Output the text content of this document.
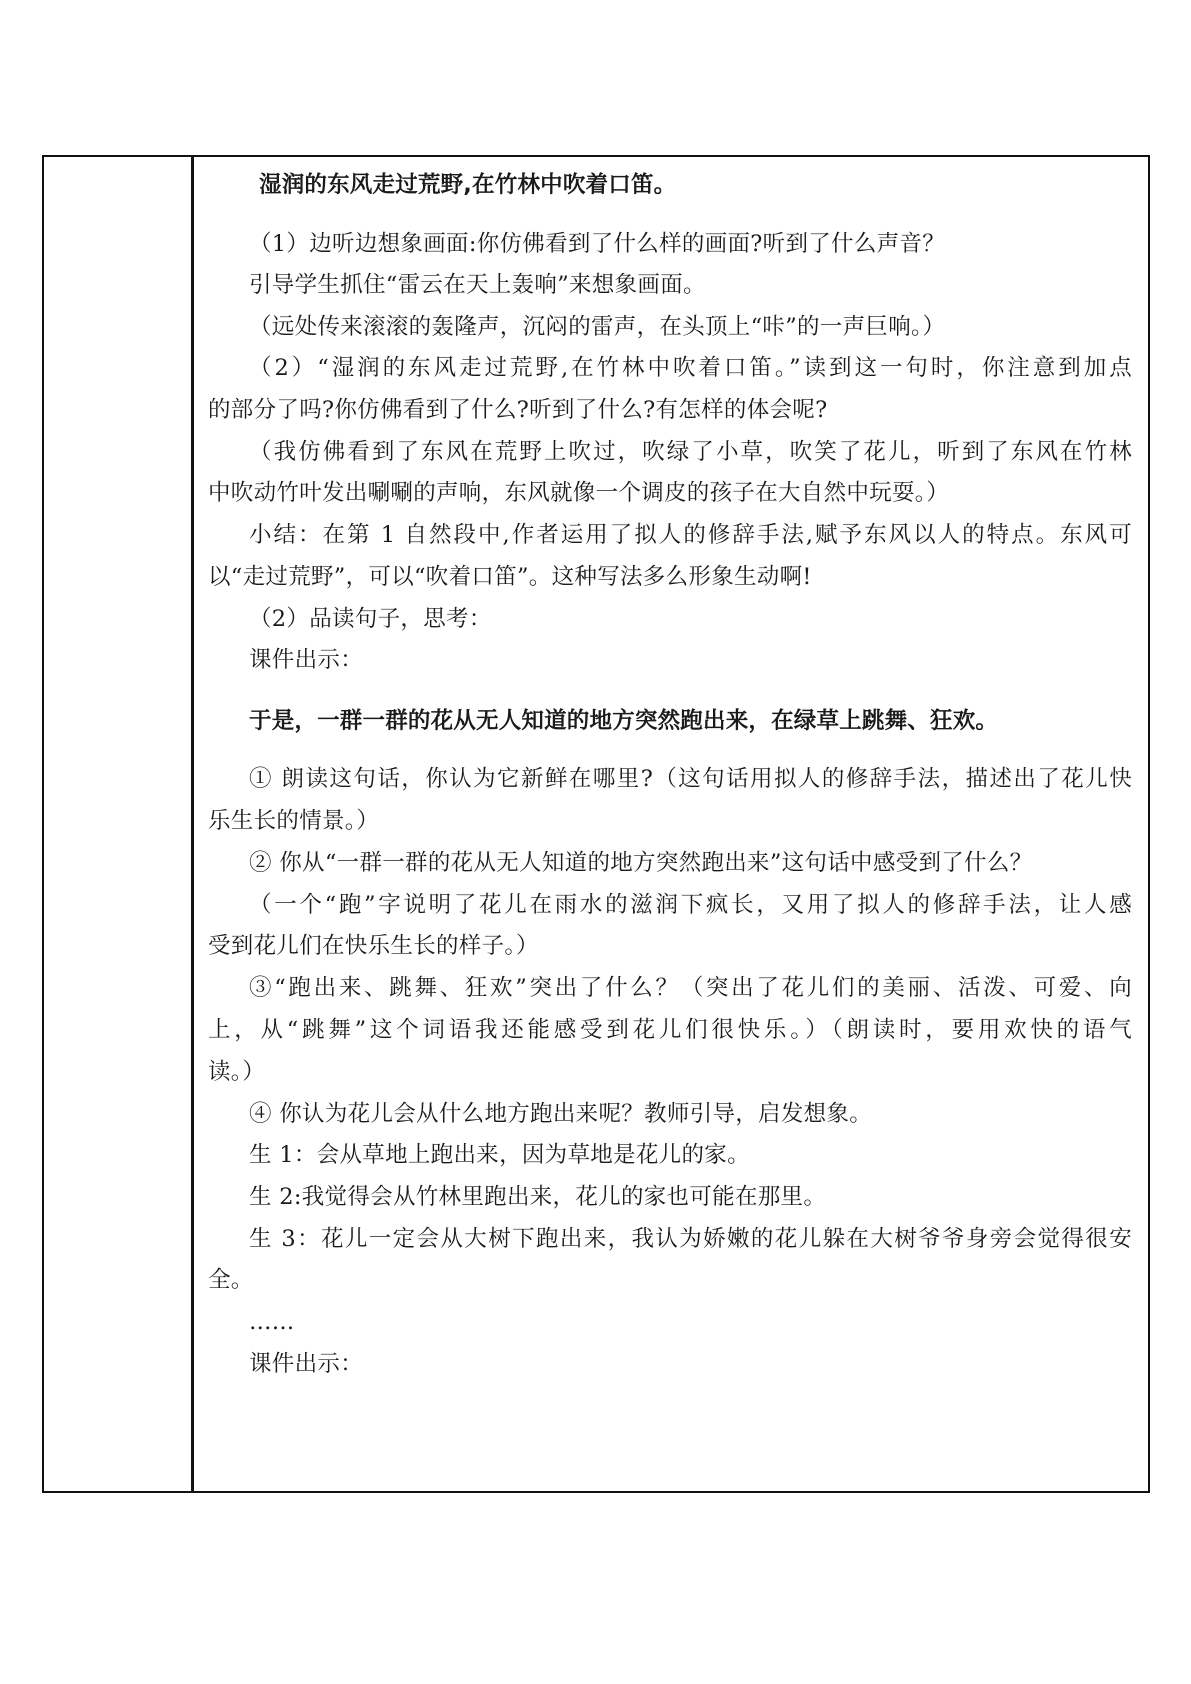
湿润的东风走过荒野,在竹林中吹着口笛。
（1）边听边想象画面:你仿佛看到了什么样的画面?听到了什么声音？
引导学生抓住“雷云在天上轰响”来想象画面。
（远处传来滚滚的轰隆声，沉闷的雷声，在头顶上“咔”的一声巨响。）
（2）“湿润的东风走过荒野,在竹林中吹着口笛。”读到这一句时，你注意到加点
的部分了吗?你仿佛看到了什么?听到了什么?有怎样的体会呢?
（我仿佛看到了东风在荒野上吹过，吹绿了小草，吹笑了花儿，听到了东风在竹林
中吹动竹叶发出唰唰的声响，东风就像一个调皮的孩子在大自然中玩耍。）
小结：在第 1 自然段中,作者运用了拟人的修辞手法,赋予东风以人的特点。东风可
以“走过荒野”，可以“吹着口笛”。这种写法多么形象生动啊!
（2）品读句子，思考：
课件出示：
于是，一群一群的花从无人知道的地方突然跑出来，在绿草上跳舞、狂欢。
① 朗读这句话，你认为它新鲜在哪里?（这句话用拟人的修辞手法，描述出了花儿快
乐生长的情景。）
② 你从“一群一群的花从无人知道的地方突然跑出来”这句话中感受到了什么？
（一个“跑”字说明了花儿在雨水的滋润下疯长，又用了拟人的修辞手法，让人感
受到花儿们在快乐生长的样子。）
③“跑出来、跳舞、狂欢”突出了什么？（突出了花儿们的美丽、活泼、可爱、向
上，从“跳舞”这个词语我还能感受到花儿们很快乐。）（朗读时，要用欢快的语气
读。）
④ 你认为花儿会从什么地方跑出来呢？教师引导，启发想象。
生 1：会从草地上跑出来，因为草地是花儿的家。
生 2:我觉得会从竹林里跑出来，花儿的家也可能在那里。
生 3：花儿一定会从大树下跑出来，我认为娇嫩的花儿躲在大树爷爷身旁会觉得很安
全。
……
课件出示：
